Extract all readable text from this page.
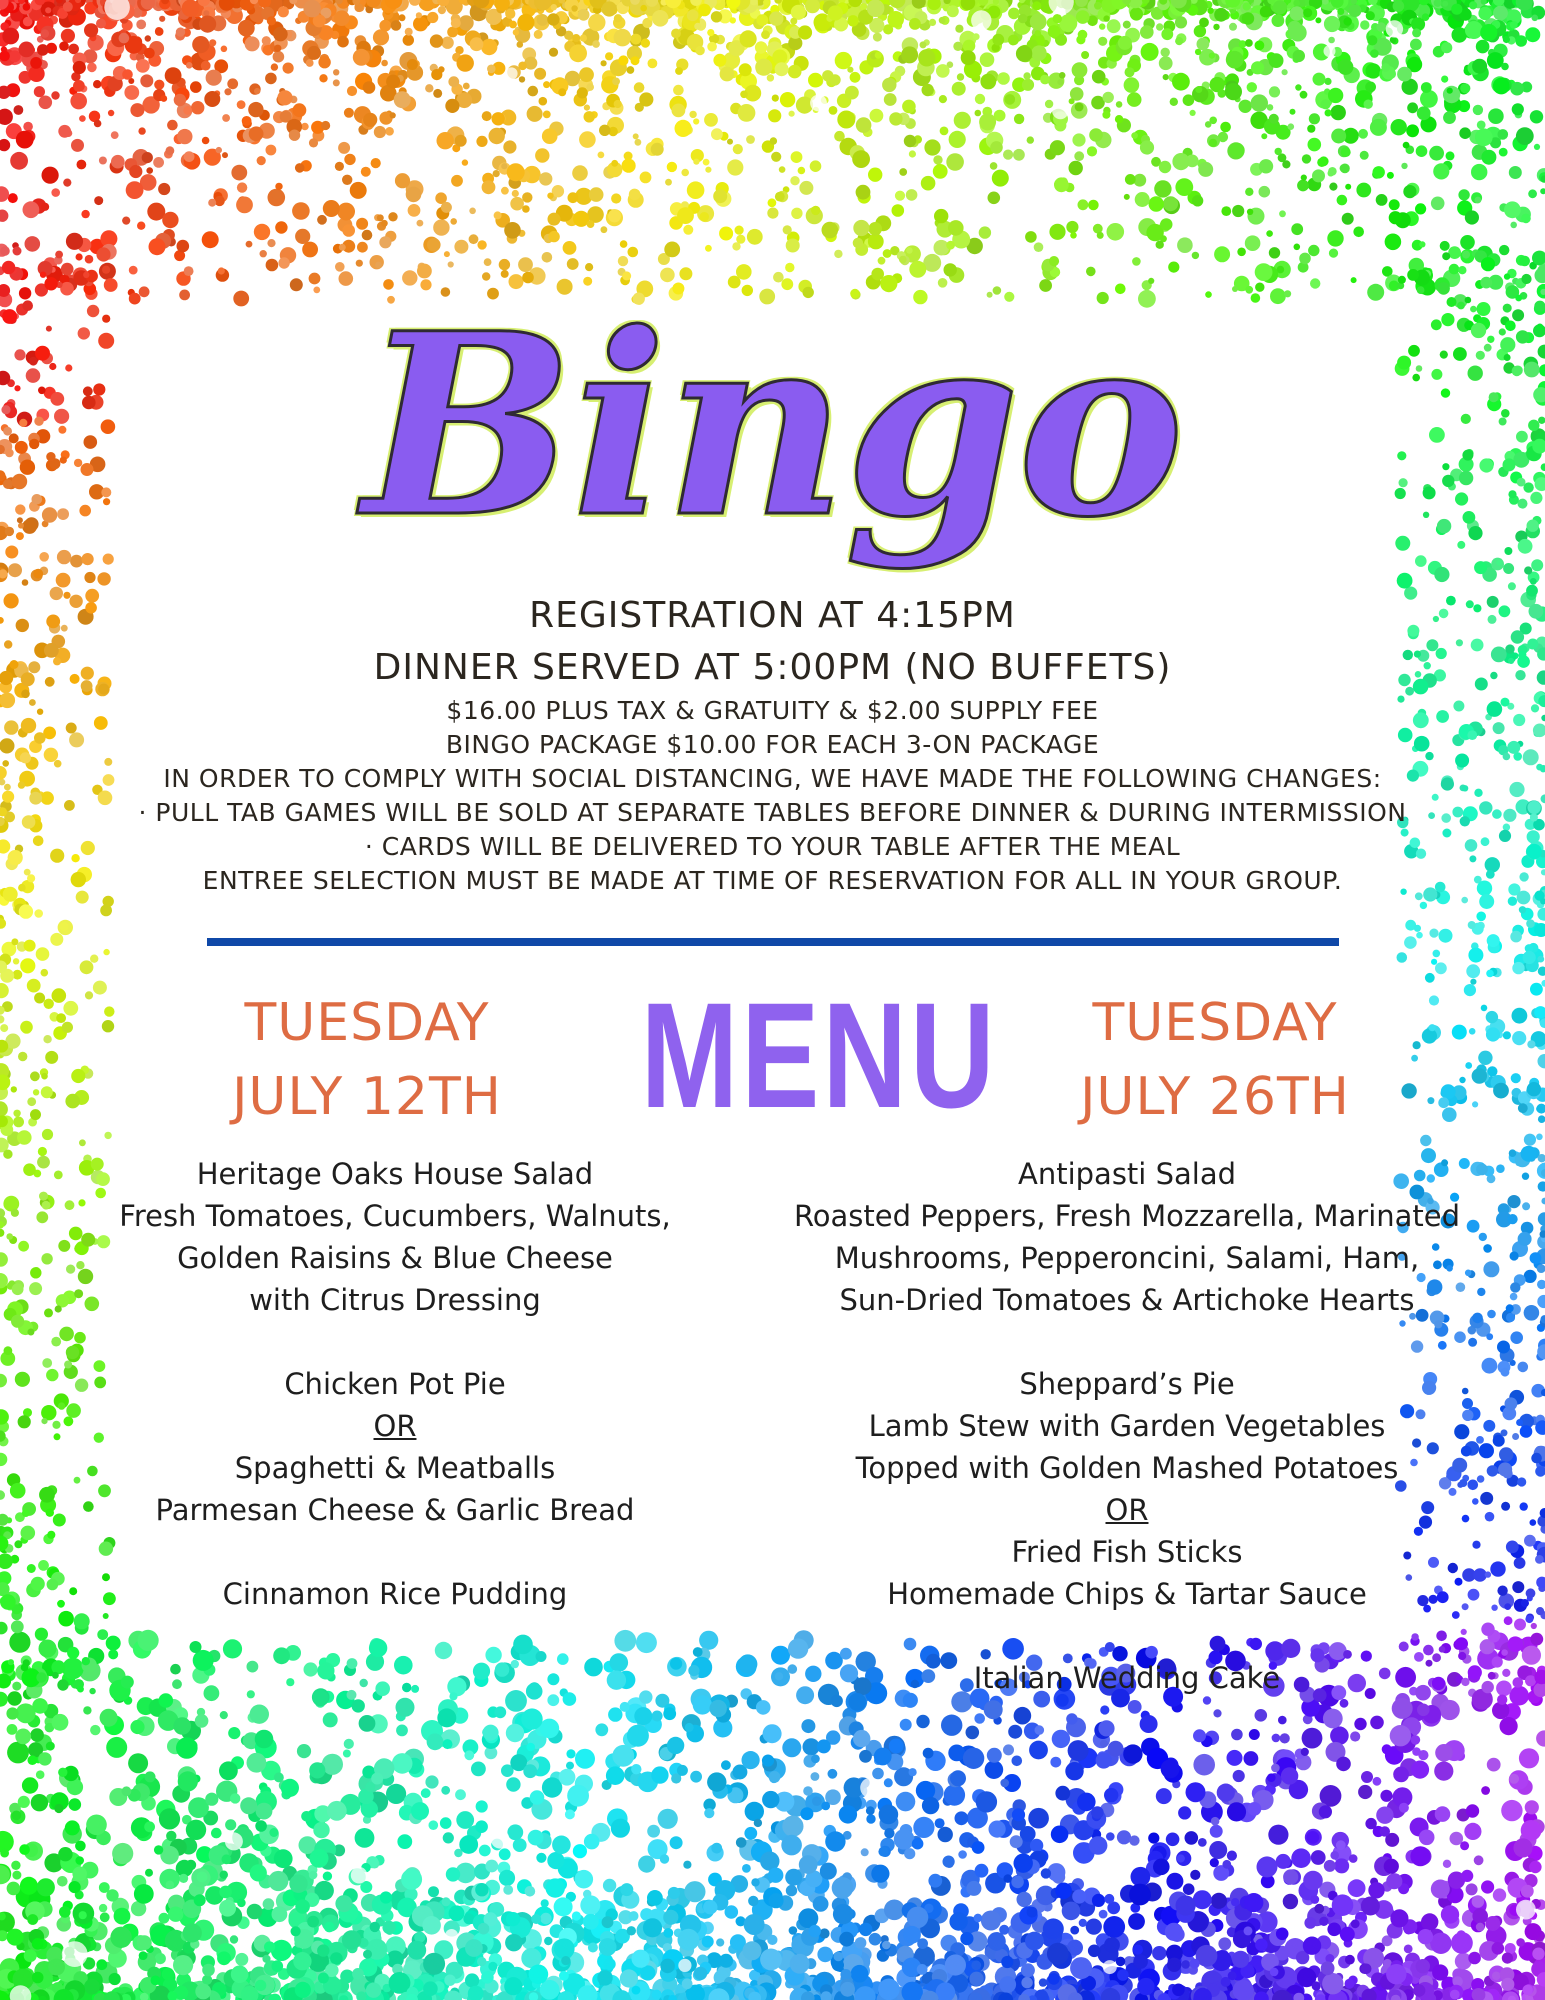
Bingo
REGISTRATION AT 4:15PM
DINNER SERVED AT 5:00PM (NO BUFFETS)
$16.00 PLUS TAX & GRATUITY & $2.00 SUPPLY FEE
BINGO PACKAGE $10.00 FOR EACH 3-ON PACKAGE
IN ORDER TO COMPLY WITH SOCIAL DISTANCING, WE HAVE MADE THE FOLLOWING CHANGES:
· PULL TAB GAMES WILL BE SOLD AT SEPARATE TABLES BEFORE DINNER & DURING INTERMISSION
· CARDS WILL BE DELIVERED TO YOUR TABLE AFTER THE MEAL
ENTREE SELECTION MUST BE MADE AT TIME OF RESERVATION FOR ALL IN YOUR GROUP.
TUESDAY
JULY 12TH MENU	TUESDAY
JULY 26TH
Heritage Oaks House Salad
Fresh Tomatoes, Cucumbers, Walnuts,
Golden Raisins & Blue Cheese
with Citrus Dressing
Chicken Pot Pie
OR
Spaghetti & Meatballs
Parmesan Cheese & Garlic Bread
Cinnamon Rice Pudding
Antipasti Salad
Roasted Peppers, Fresh Mozzarella, Marinated
Mushrooms, Pepperoncini, Salami, Ham,
Sun-Dried Tomatoes & Artichoke Hearts
Sheppard’s Pie
Lamb Stew with Garden Vegetables
Topped with Golden Mashed Potatoes
OR
Fried Fish Sticks
Homemade Chips & Tartar Sauce
Italian Wedding Cake
